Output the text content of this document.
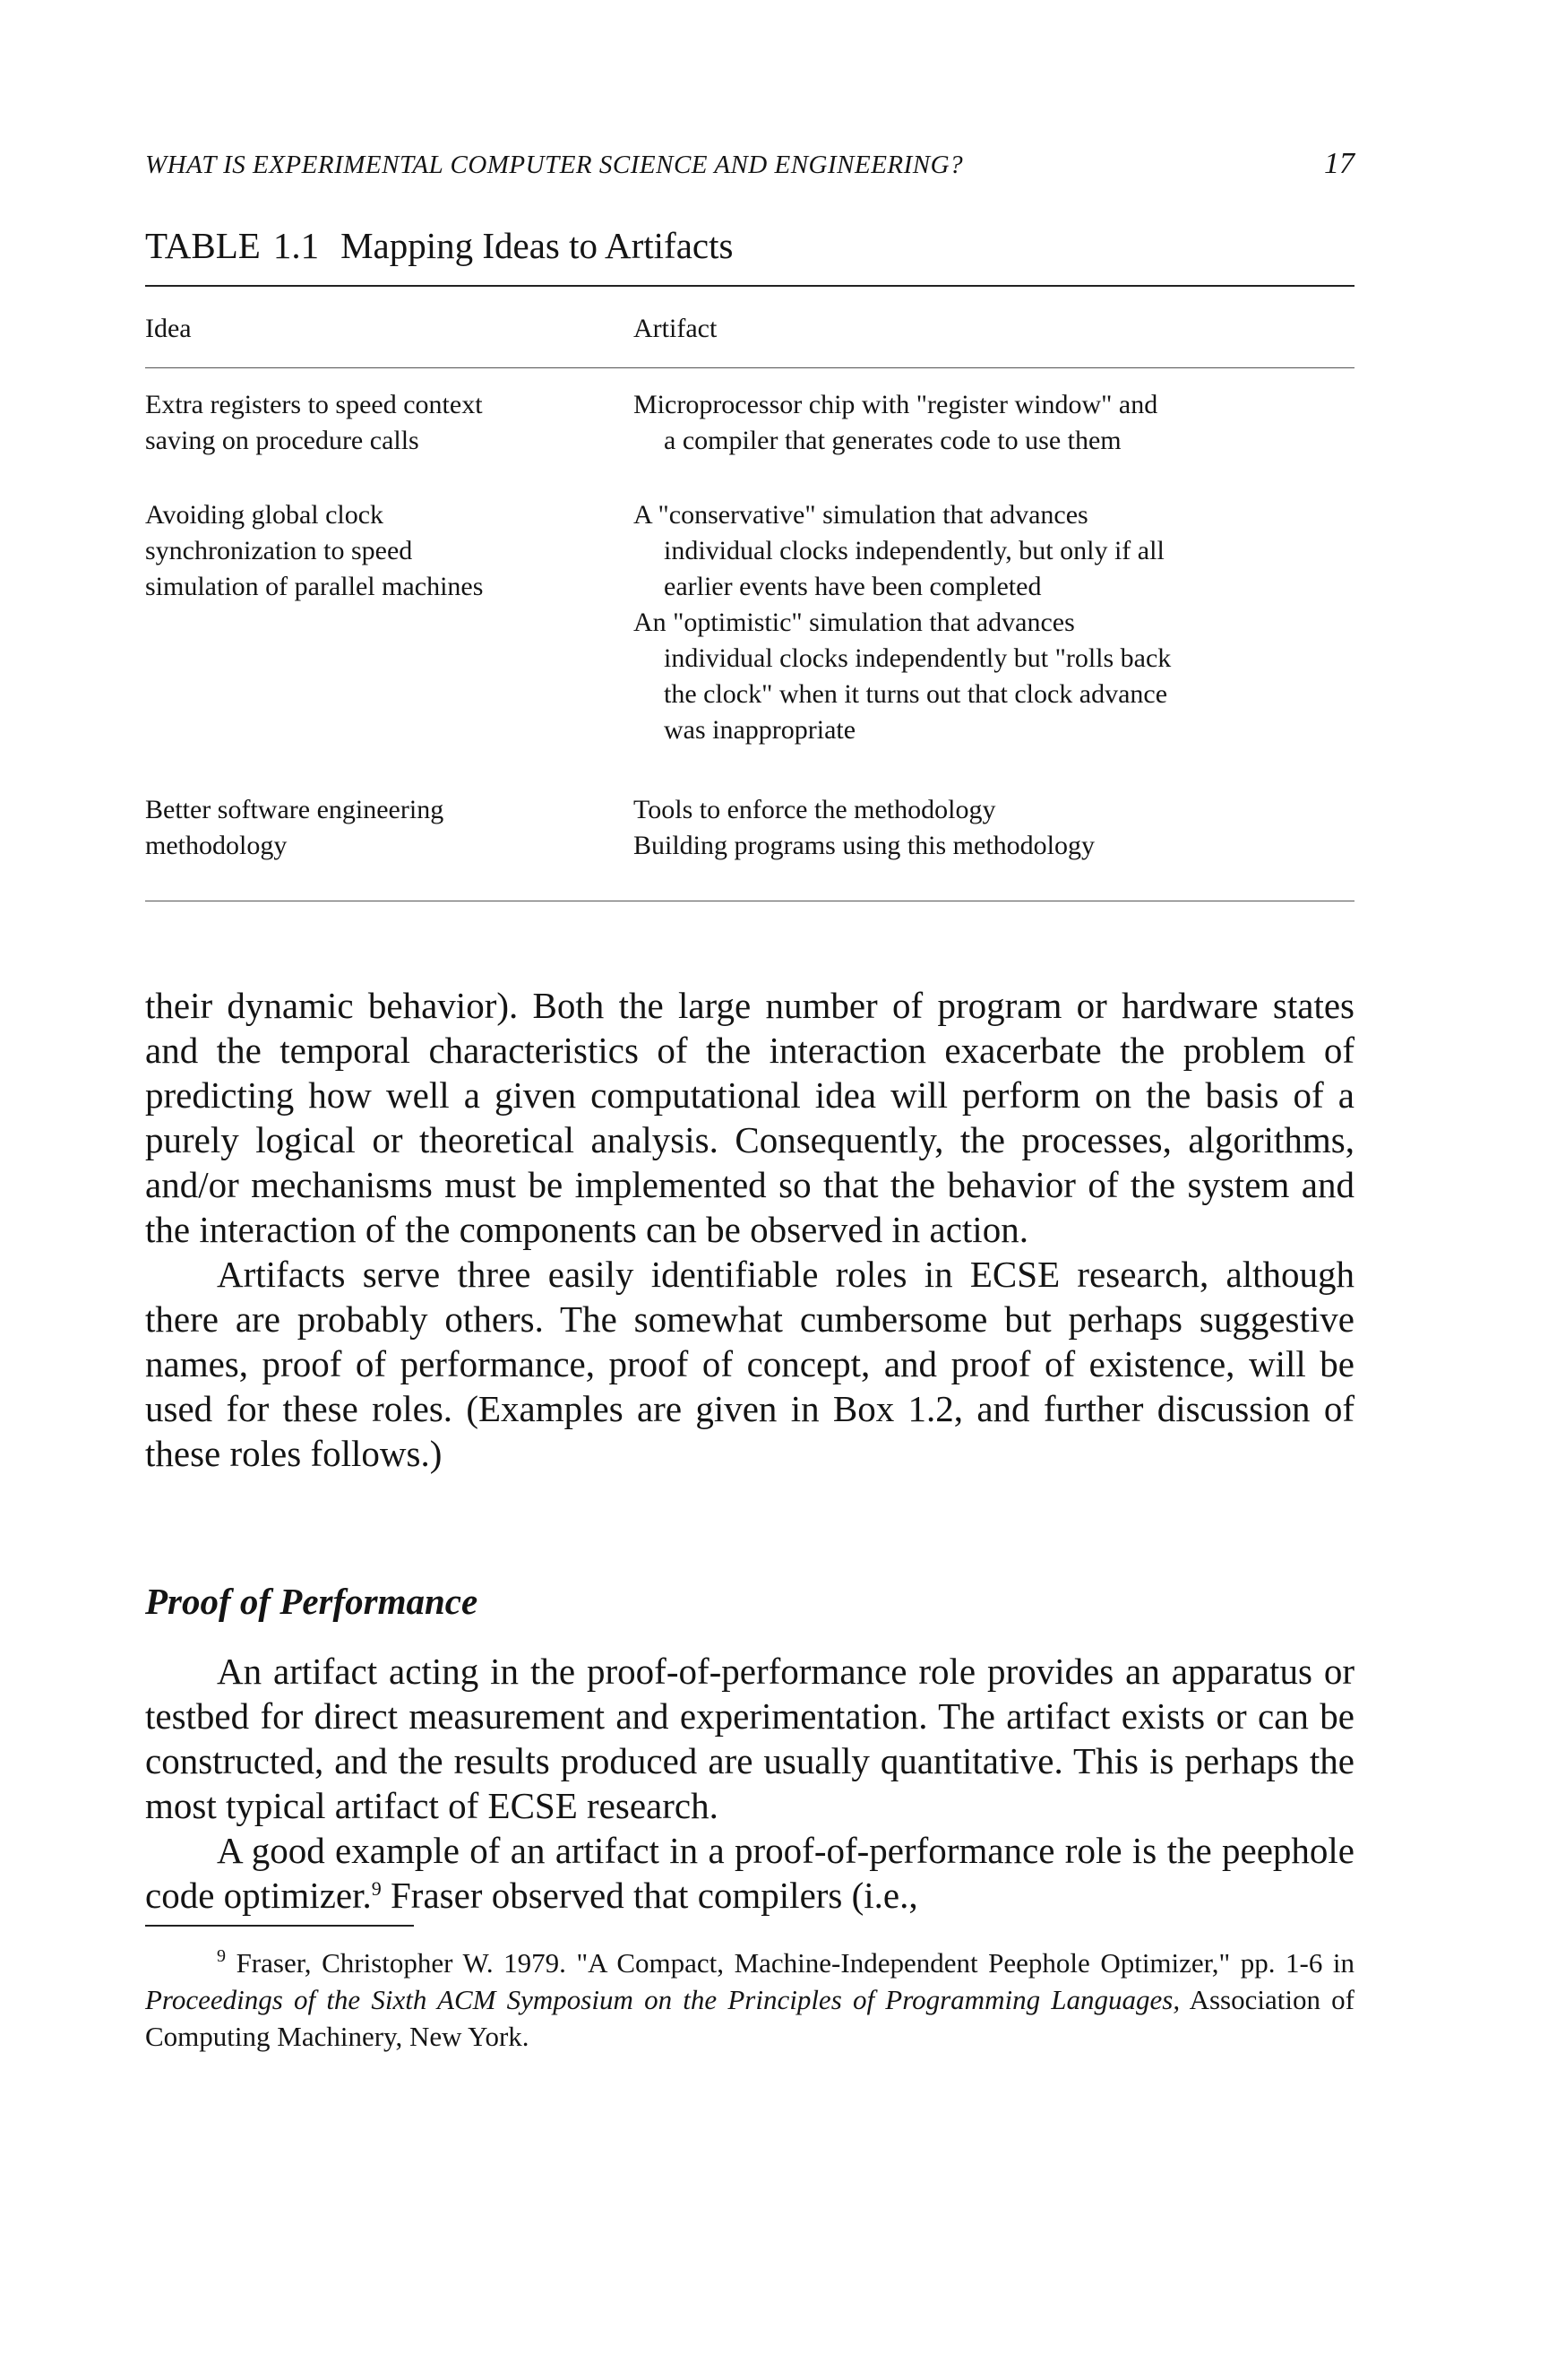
WHAT IS EXPERIMENTAL COMPUTER SCIENCE AND ENGINEERING?	17
TABLE 1.1 Mapping Ideas to Artifacts
Idea	Artifact
Extra registers to speed context
saving on procedure calls
Microprocessor chip with "register window" and
a compiler that generates code to use them
Avoiding global clock
synchronization to speed
simulation of parallel machines
A "conservative" simulation that advances
individual clocks independently, but only if all
earlier events have been completed
An "optimistic" simulation that advances
individual clocks independently but "rolls back
the clock" when it turns out that clock advance
was inappropriate
Better software engineering
methodology
Tools to enforce the methodology
Building programs using this methodology

their dynamic behavior). Both the large number of program or hardware states and the temporal characteristics of the interaction exacerbate the problem of predicting how well a given computational idea will perform on the basis of a purely logical or theoretical analysis. Consequently, the processes, algorithms, and/or mechanisms must be implemented so that the behavior of the system and the interaction of the components can be observed in action.

Artifacts serve three easily identifiable roles in ECSE research, although there are probably others. The somewhat cumbersome but perhaps suggestive names, proof of performance, proof of concept, and proof of existence, will be used for these roles. (Examples are given in Box 1.2, and further discussion of these roles follows.)

Proof of Performance

An artifact acting in the proof-of-performance role provides an apparatus or testbed for direct measurement and experimentation. The artifact exists or can be constructed, and the results produced are usually quantitative. This is perhaps the most typical artifact of ECSE research.

A good example of an artifact in a proof-of-performance role is the peephole code optimizer.$^9$ Fraser observed that compilers (i.e.,

$^9$ Fraser, Christopher W. 1979. "A Compact, Machine-Independent Peephole Optimizer," pp. 1-6 in Proceedings of the Sixth ACM Symposium on the Principles of Programming Languages, Association of Computing Machinery, New York.
